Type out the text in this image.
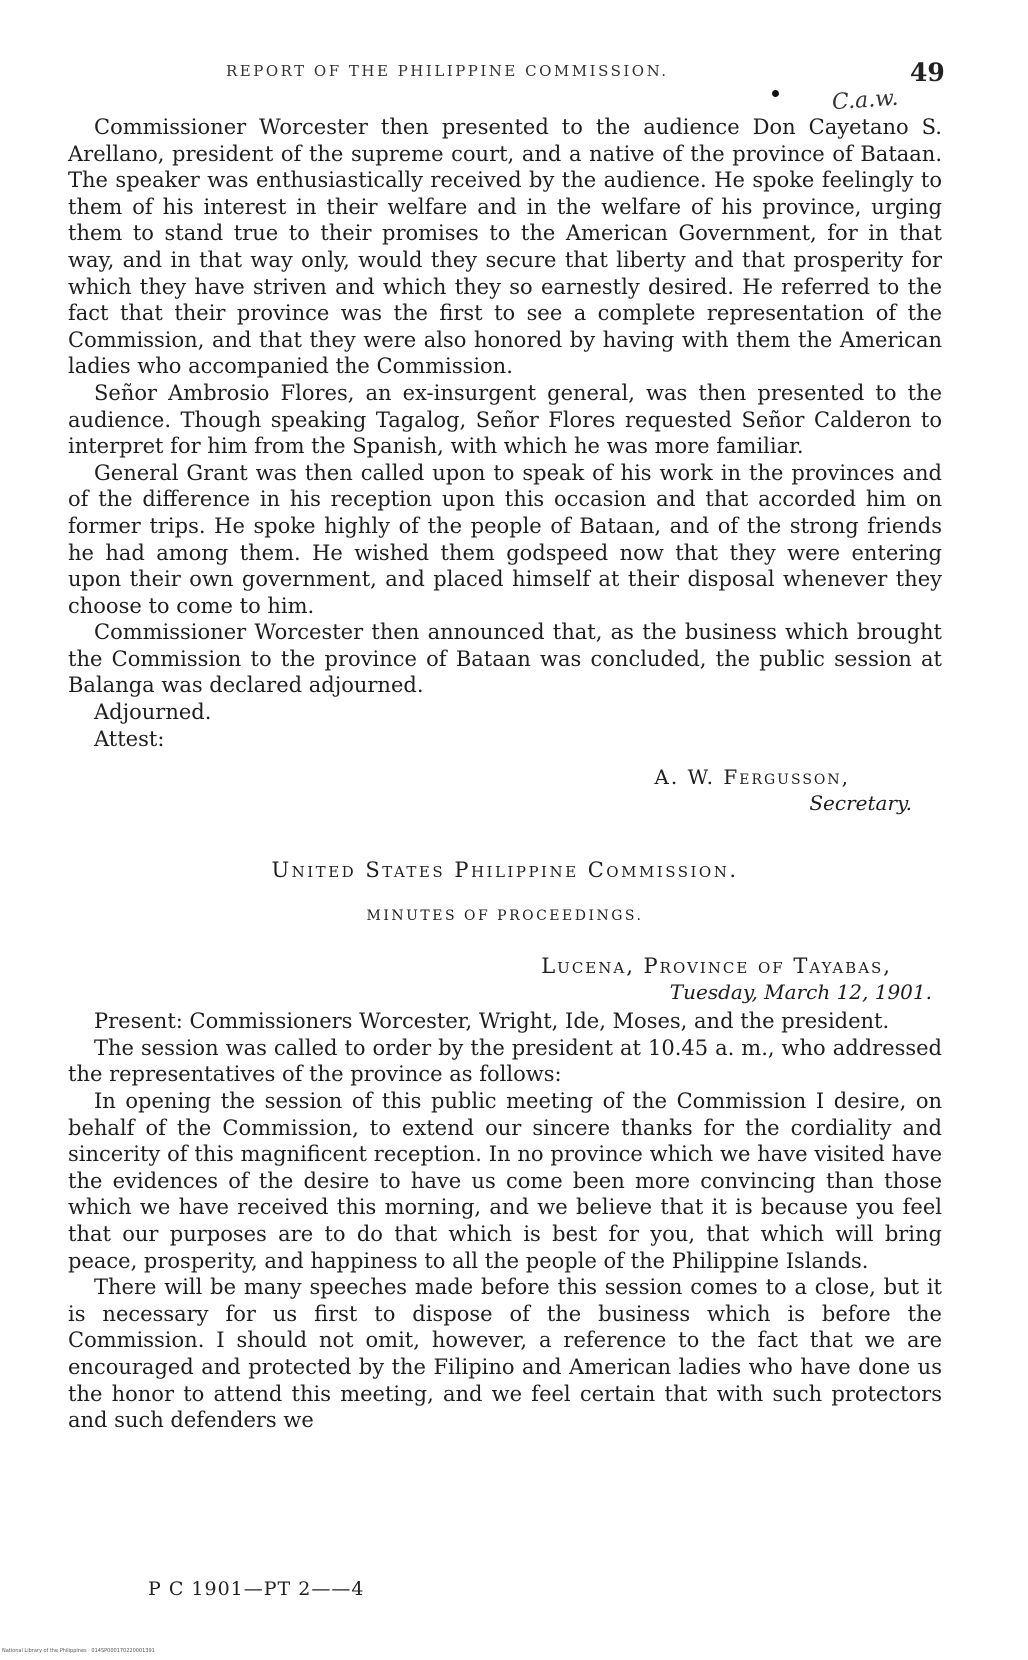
REPORT OF THE PHILIPPINE COMMISSION.	49
C.a.w.

Commissioner Worcester then presented to the audience Don Cayetano S. Arellano, president of the supreme court, and a native of the province of Bataan. The speaker was enthusiastically received by the audience. He spoke feelingly to them of his interest in their welfare and in the welfare of his province, urging them to stand true to their promises to the American Government, for in that way, and in that way only, would they secure that liberty and that prosperity for which they have striven and which they so earnestly desired. He referred to the fact that their province was the first to see a complete representation of the Commission, and that they were also honored by having with them the American ladies who accompanied the Commission.

Señor Ambrosio Flores, an ex-insurgent general, was then presented to the audience. Though speaking Tagalog, Señor Flores requested Señor Calderon to interpret for him from the Spanish, with which he was more familiar.

General Grant was then called upon to speak of his work in the provinces and of the difference in his reception upon this occasion and that accorded him on former trips. He spoke highly of the people of Bataan, and of the strong friends he had among them. He wished them godspeed now that they were entering upon their own government, and placed himself at their disposal whenever they choose to come to him.

Commissioner Worcester then announced that, as the business which brought the Commission to the province of Bataan was concluded, the public session at Balanga was declared adjourned.

Adjourned.
Attest:
A. W. Fergusson,
Secretary.
United States Philippine Commission.
MINUTES OF PROCEEDINGS.
Lucena, Province of Tayabas,
Tuesday, March 12, 1901.

Present: Commissioners Worcester, Wright, Ide, Moses, and the president.

The session was called to order by the president at 10.45 a. m., who addressed the representatives of the province as follows:

In opening the session of this public meeting of the Commission I desire, on behalf of the Commission, to extend our sincere thanks for the cordiality and sincerity of this magnificent reception. In no province which we have visited have the evidences of the desire to have us come been more convincing than those which we have received this morning, and we believe that it is because you feel that our purposes are to do that which is best for you, that which will bring peace, prosperity, and happiness to all the people of the Philippine Islands.

There will be many speeches made before this session comes to a close, but it is necessary for us first to dispose of the business which is before the Commission. I should not omit, however, a reference to the fact that we are encouraged and protected by the Filipino and American ladies who have done us the honor to attend this meeting, and we feel certain that with such protectors and such defenders we

P C 1901—PT 2——4
National Library of the Philippines · 014SP000170220001391
